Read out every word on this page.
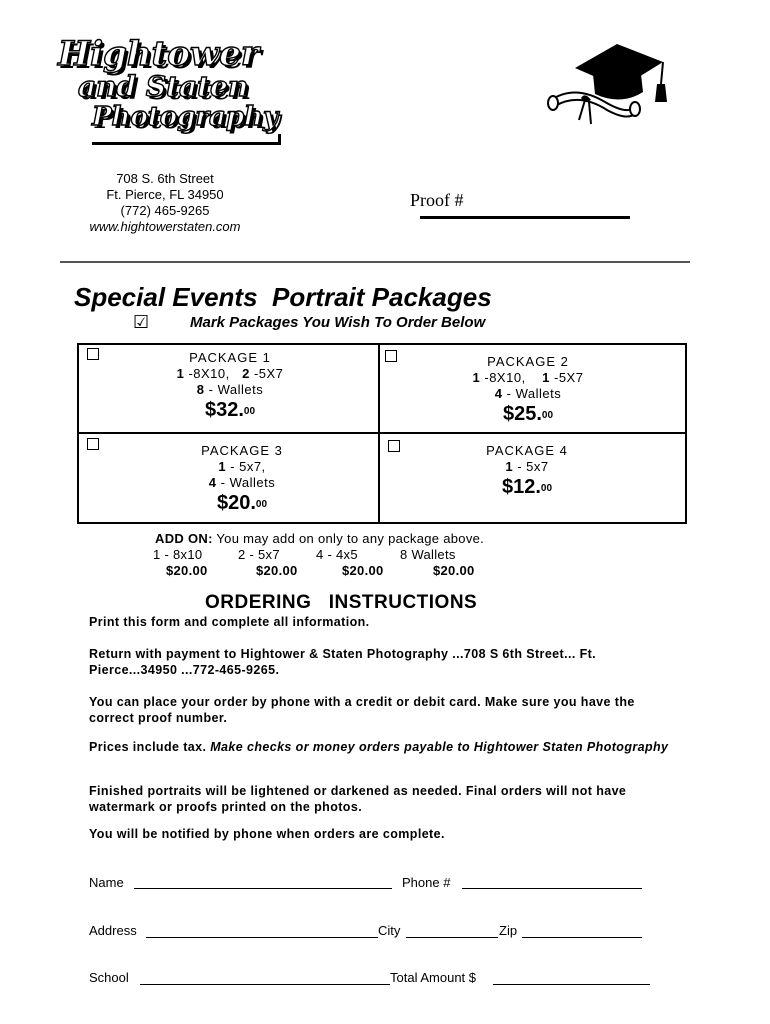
Hightower
and Staten
Photography
708 S. 6th Street
Ft. Pierce, FL 34950
(772) 465-9265
www.hightowerstaten.com
Proof #
Special Events  Portrait Packages
☑	Mark Packages You Wish To Order Below
PACKAGE 1
1 -8X10, 2 -5X7
8 - Wallets
$32.00
PACKAGE 2
1 -8X10, 1 -5X7
4 - Wallets
$25.00
PACKAGE 3
1 - 5x7,
4 - Wallets
$20.00
PACKAGE 4
1 - 5x7
$12.00
ADD ON: You may add on only to any package above.
1 - 8x10	2 - 5x7	4 - 4x5	8 Wallets
$20.00	$20.00	$20.00	$20.00
ORDERING   INSTRUCTIONS
Print this form and complete all information.
Return with payment to Hightower & Staten Photography ...708 S 6th Street... Ft. Pierce...34950 ...772-465-9265.
You can place your order by phone with a credit or debit card. Make sure you have the correct proof number.
Prices include tax. Make checks or money orders payable to Hightower Staten Photography
Finished portraits will be lightened or darkened as needed. Final orders will not have watermark or proofs printed on the photos.
You will be notified by phone when orders are complete.
Name	Phone #
Address	City	Zip
School	Total Amount $
